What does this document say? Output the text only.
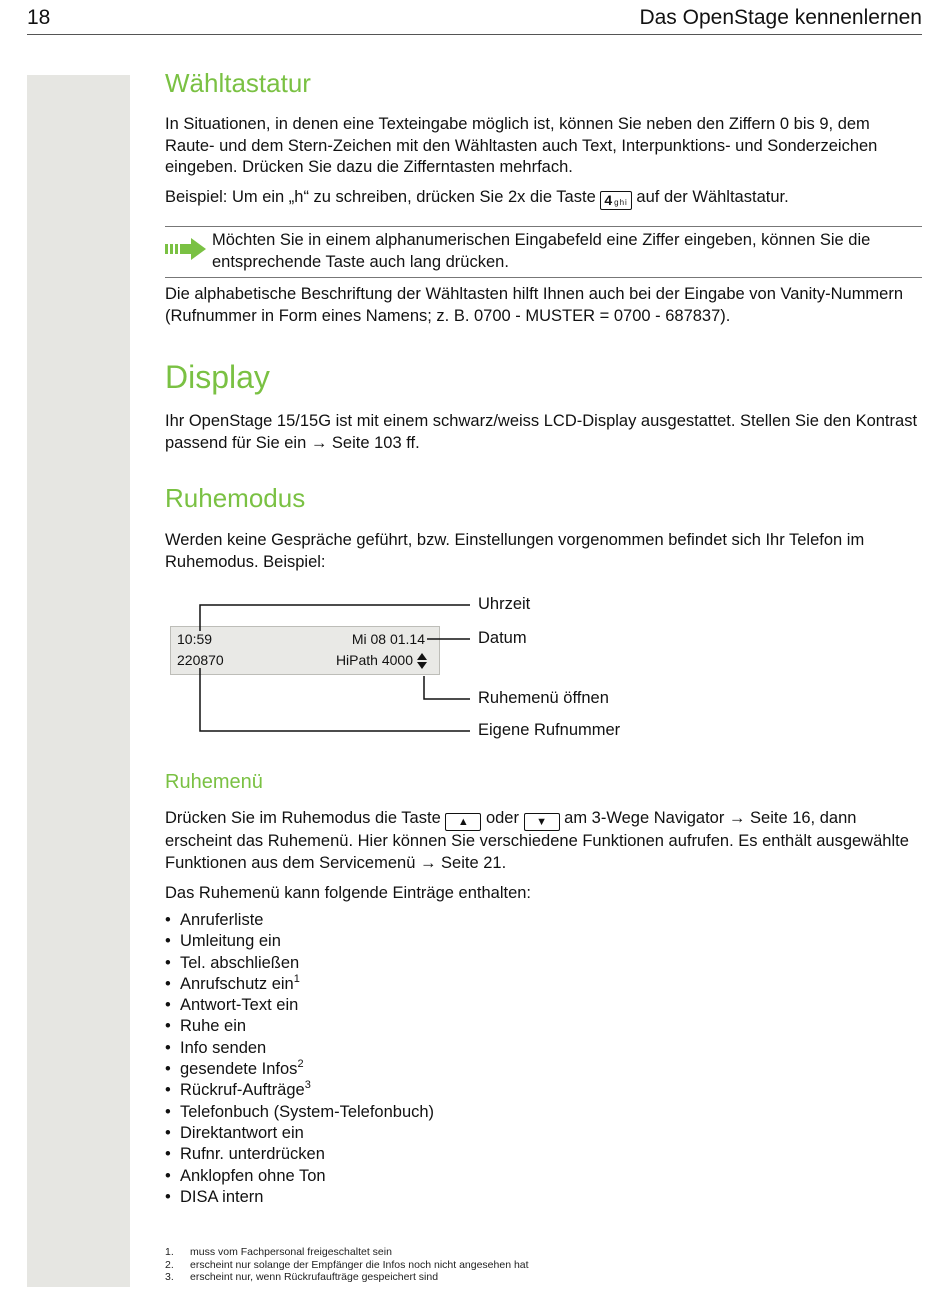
18	Das OpenStage kennenlernen
Wähltastatur

In Situationen, in denen eine Texteingabe möglich ist, können Sie neben den Ziffern 0 bis 9, dem Raute- und dem Stern-Zeichen mit den Wähltasten auch Text, Interpunktions- und Sonderzeichen eingeben. Drücken Sie dazu die Zifferntasten mehrfach.

Beispiel: Um ein „h“ zu schreiben, drücken Sie 2x die Taste 4 ghi auf der Wähltastatur.

Möchten Sie in einem alphanumerischen Eingabefeld eine Ziffer eingeben, können Sie die entsprechende Taste auch lang drücken.

Die alphabetische Beschriftung der Wähltasten hilft Ihnen auch bei der Eingabe von Vanity-Nummern (Rufnummer in Form eines Namens; z. B. 0700 - MUSTER = 0700 - 687837).

Display

Ihr OpenStage 15/15G ist mit einem schwarz/weiss LCD-Display ausgestattet. Stellen Sie den Kontrast passend für Sie ein → Seite 103 ff.

Ruhemodus

Werden keine Gespräche geführt, bzw. Einstellungen vorgenommen befindet sich Ihr Telefon im Ruhemodus. Beispiel:

10:59	Mi 08 01.14
220870	HiPath 4000
Uhrzeit
Datum
Ruhemenü öffnen
Eigene Rufnummer
Ruhemenü

Drücken Sie im Ruhemodus die Taste ▲ oder ▼ am 3-Wege Navigator → Seite 16, dann erscheint das Ruhemenü. Hier können Sie verschiedene Funktionen aufrufen. Es enthält ausgewählte Funktionen aus dem Servicemenü → Seite 21.

Das Ruhemenü kann folgende Einträge enthalten:

• Anruferliste
• Umleitung ein
• Tel. abschließen
• Anrufschutz ein$^1$
• Antwort-Text ein
• Ruhe ein
• Info senden
• gesendete Infos$^2$
• Rückruf-Aufträge$^3$
• Telefonbuch (System-Telefonbuch)
• Direktantwort ein
• Rufnr. unterdrücken
• Anklopfen ohne Ton
• DISA intern
1. muss vom Fachpersonal freigeschaltet sein
2. erscheint nur solange der Empfänger die Infos noch nicht angesehen hat
3. erscheint nur, wenn Rückrufaufträge gespeichert sind
